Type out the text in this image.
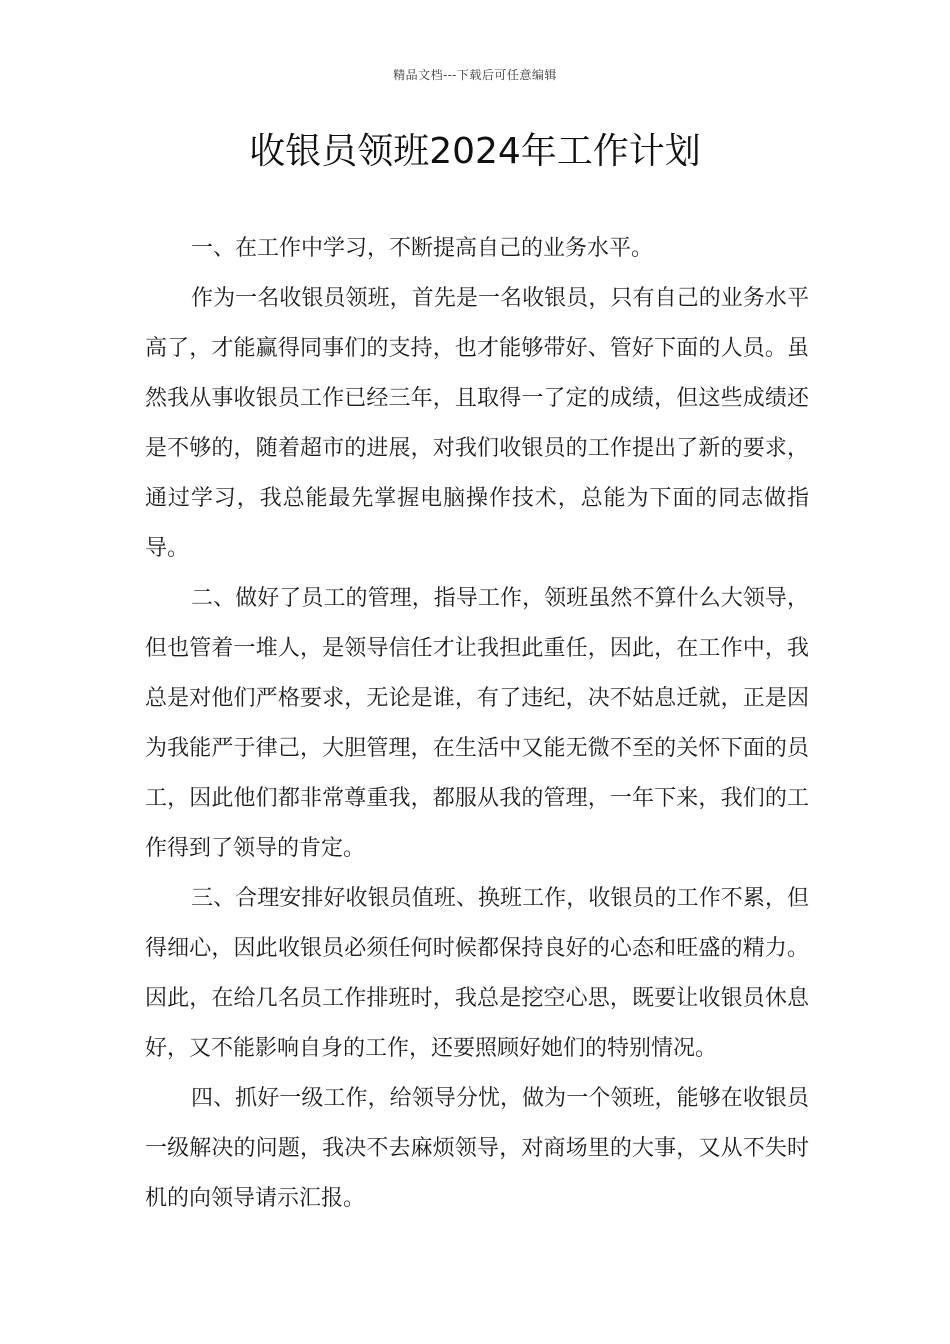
精品文档---下载后可任意编辑
收银员领班2024年工作计划

一、在工作中学习，不断提高自己的业务水平。

作为一名收银员领班，首先是一名收银员，只有自己的业务水平高了，才能赢得同事们的支持，也才能够带好、管好下面的人员。虽然我从事收银员工作已经三年，且取得一了定的成绩，但这些成绩还是不够的，随着超市的进展，对我们收银员的工作提出了新的要求，通过学习，我总能最先掌握电脑操作技术，总能为下面的同志做指导。

二、做好了员工的管理，指导工作，领班虽然不算什么大领导，但也管着一堆人，是领导信任才让我担此重任，因此，在工作中，我总是对他们严格要求，无论是谁，有了违纪，决不姑息迁就，正是因为我能严于律己，大胆管理，在生活中又能无微不至的关怀下面的员工，因此他们都非常尊重我，都服从我的管理，一年下来，我们的工作得到了领导的肯定。

三、合理安排好收银员值班、换班工作，收银员的工作不累，但得细心，因此收银员必须任何时候都保持良好的心态和旺盛的精力。因此，在给几名员工作排班时，我总是挖空心思，既要让收银员休息好，又不能影响自身的工作，还要照顾好她们的特别情况。

四、抓好一级工作，给领导分忧，做为一个领班，能够在收银员一级解决的问题，我决不去麻烦领导，对商场里的大事，又从不失时机的向领导请示汇报。
